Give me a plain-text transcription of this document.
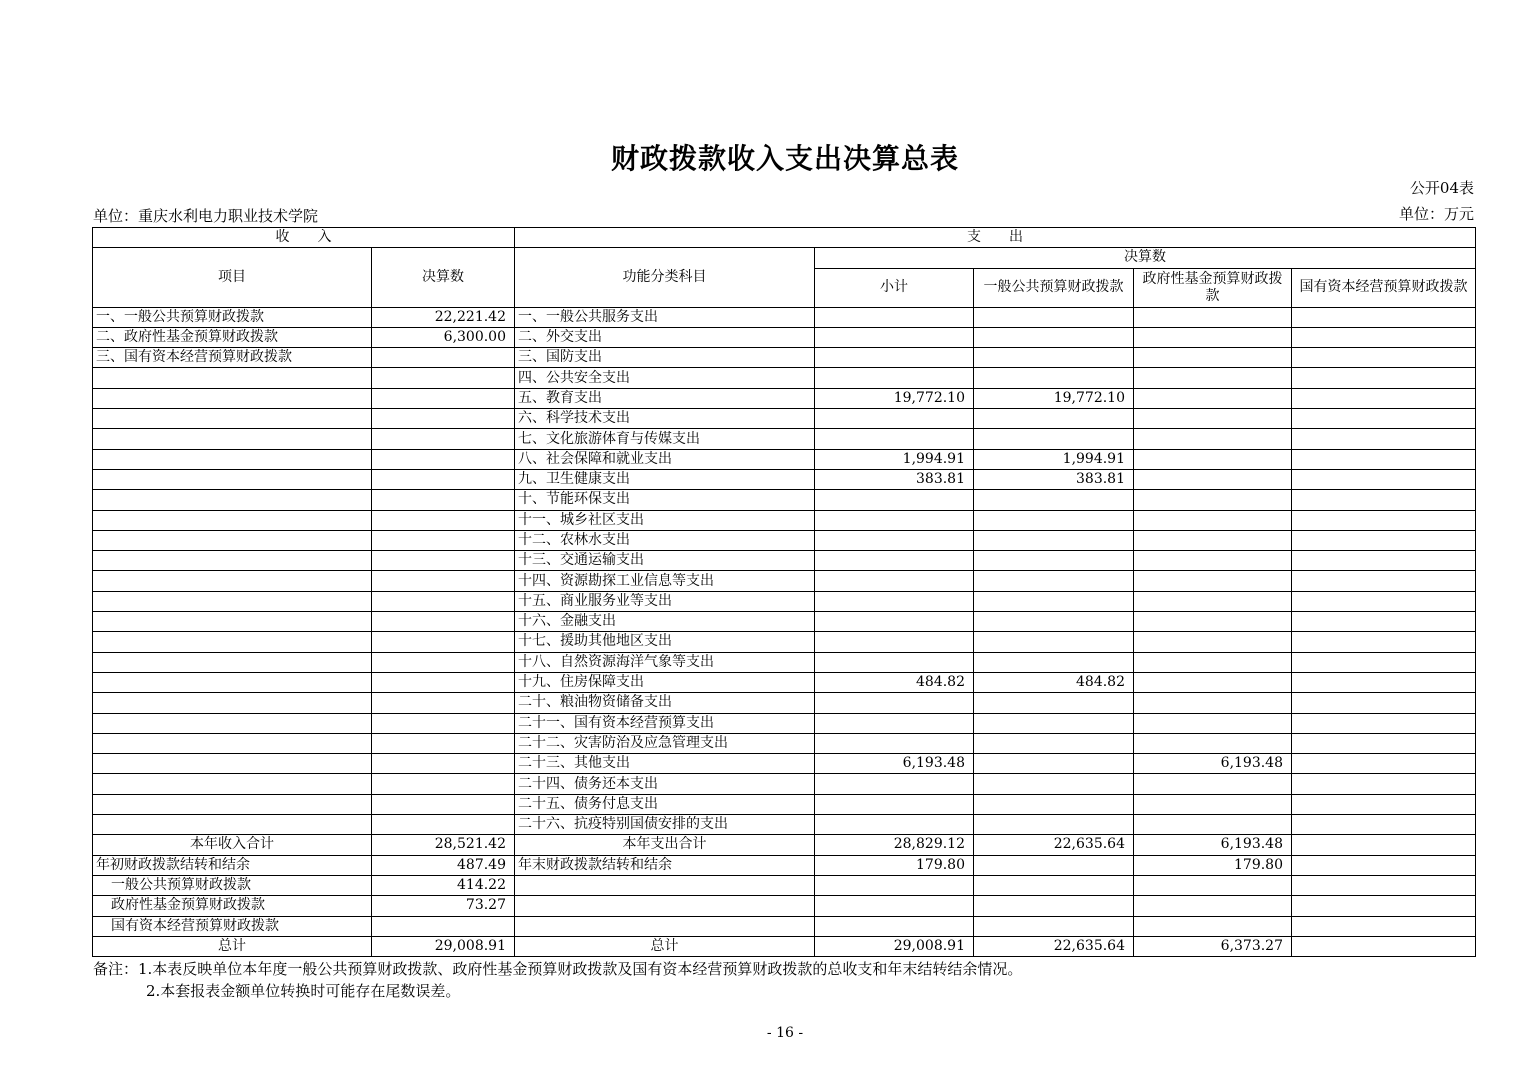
财政拨款收入支出决算总表
公开04表
单位：重庆水利电力职业技术学院	单位：万元
收　　入		支　　出				
项目	决算数	功能分类科目	决算数			
			小计	一般公共预算财政拨款	政府性基金预算财政拨款	国有资本经营预算财政拨款
一、一般公共预算财政拨款	22,221.42	一、一般公共服务支出				
二、政府性基金预算财政拨款	6,300.00	二、外交支出				
三、国有资本经营预算财政拨款		三、国防支出				
		四、公共安全支出				
		五、教育支出	19,772.10	19,772.10		
		六、科学技术支出				
		七、文化旅游体育与传媒支出				
		八、社会保障和就业支出	1,994.91	1,994.91		
		九、卫生健康支出	383.81	383.81		
		十、节能环保支出				
		十一、城乡社区支出				
		十二、农林水支出				
		十三、交通运输支出				
		十四、资源勘探工业信息等支出				
		十五、商业服务业等支出				
		十六、金融支出				
		十七、援助其他地区支出				
		十八、自然资源海洋气象等支出				
		十九、住房保障支出	484.82	484.82		
		二十、粮油物资储备支出				
		二十一、国有资本经营预算支出				
		二十二、灾害防治及应急管理支出				
		二十三、其他支出	6,193.48		6,193.48	
		二十四、债务还本支出				
		二十五、债务付息支出				
		二十六、抗疫特别国债安排的支出				
本年收入合计	28,521.42	本年支出合计	28,829.12	22,635.64	6,193.48	
年初财政拨款结转和结余	487.49	年末财政拨款结转和结余	179.80		179.80	
一般公共预算财政拨款	414.22					
政府性基金预算财政拨款	73.27					
国有资本经营预算财政拨款						
总计	29,008.91	总计	29,008.91	22,635.64	6,373.27	
备注：1.本表反映单位本年度一般公共预算财政拨款、政府性基金预算财政拨款及国有资本经营预算财政拨款的总收支和年末结转结余情况。
2.本套报表金额单位转换时可能存在尾数误差。
- 16 -
